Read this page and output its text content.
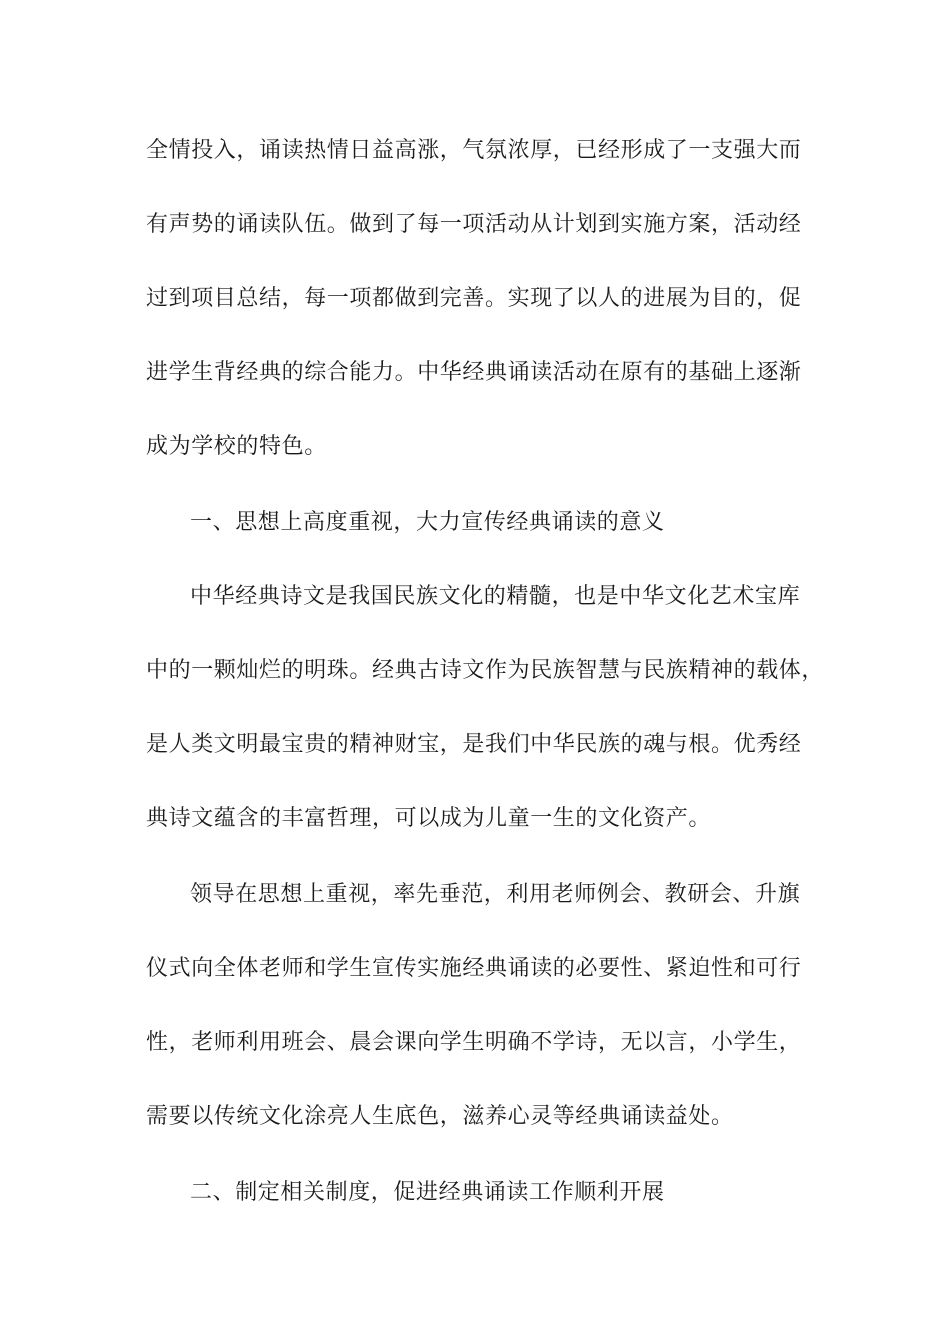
全情投入，诵读热情日益高涨，气氛浓厚，已经形成了一支强大而
有声势的诵读队伍。做到了每一项活动从计划到实施方案，活动经
过到项目总结，每一项都做到完善。实现了以人的进展为目的，促
进学生背经典的综合能力。中华经典诵读活动在原有的基础上逐渐
成为学校的特色。
一、思想上高度重视，大力宣传经典诵读的意义
中华经典诗文是我国民族文化的精髓，也是中华文化艺术宝库
中的一颗灿烂的明珠。经典古诗文作为民族智慧与民族精神的载体，
是人类文明最宝贵的精神财宝，是我们中华民族的魂与根。优秀经
典诗文蕴含的丰富哲理，可以成为儿童一生的文化资产。
领导在思想上重视，率先垂范，利用老师例会、教研会、升旗
仪式向全体老师和学生宣传实施经典诵读的必要性、紧迫性和可行
性，老师利用班会、晨会课向学生明确不学诗，无以言，小学生，
需要以传统文化涂亮人生底色，滋养心灵等经典诵读益处。
二、制定相关制度，促进经典诵读工作顺利开展
